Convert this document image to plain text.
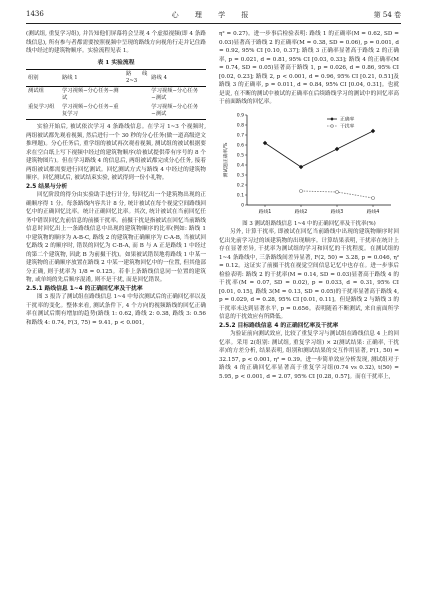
1436	心 理 学 报	第 54 卷

(测试组, 重复学习组), 并告知他们屏幕将会呈现 4 个虚拟视频(即 4 条路线信息), 所有参与者都需要按照视频中呈现的路线方向视角行走并记住路线中经过的建筑物顺序。实验流程见表 1。

表 1 实验流程
组别	路线 1	路线 2~3	路线 4
测试组	学习视频−分心任务−测试		学习视频−分心任务−测试
重复学习组	学习视频−分心任务−重复学习		学习视频−分心任务−测试

实验开始后, 被试依次学习 4 条路线信息。在学习 1~3 个视频时, 两组被试都先观看视频, 然后进行一个 30 秒的分心任务(做一道高级逆文推理题)。分心任务后, 重学组的被试再次观看视频, 测试组的被试根据要求在空白纸上写下视频中经过的建筑物顺序(给被试提供带有序号的 8 个建筑物图片)。但在学习路线 4 的信息后, 两组被试都完成分心任务, 接着两组被试都需要进行回忆测试。回忆测试方式与路线 4 中经过的建筑物顺序。回忆测试后, 被试结束实验, 被试得到一份小礼物。

2.5 结果与分析

回忆阶段的得分由实验助手进行计分, 每回忆出一个建筑物出现的正确顺序得 1 分。每条路线内容共计 8 分, 统计被试在每个视觉空间路线回忆中的正确回忆比率。统计正确回忆比率。其次, 统计被试在当前回忆任务中错误回忆先前信息的前摄干扰率。前摄干扰是指被试在回忆当前路线信息时回忆出上一条路线信息中出现的建筑物顺序的比率(例如: 路线 1 中建筑物的顺序为 A-B-C, 路线 2 的建筑物正确顺序为 C-A-B, 当被试回忆路线 2 的顺序时, 错误的回忆为 C-B-A, 而 B 与 A 正是路线 1 中经过的第二个建筑物, 因此 B 为前摄干扰)。如果被试错误地将路线 1 中某一建筑物的正确顺序放置在路线 2 中某一建筑物回忆中的一位置, 但其他部分正确, 则于扰率为 1/8 = 0.125。若非上条路线信息同一位置的建筑物, 或单纯的先后顺序混淆, 则不是干扰, 而是回忆错误。

2.5.1 路线信息 1~4 的正确回忆率及干扰率

图 3 报告了测试组在路线信息 1~4 中每次测试后的正确回忆率以及干扰率的变化。整体来看, 测试条件下, 4 个方向的视频路线的回忆正确率在测试后期有增加的趋势(路线 1: 0.62, 路线 2: 0.38, 路线 3: 0.56 和路线 4: 0.74, F(3, 75) = 9.41, p < 0.001,

η² = 0.27)。进一步事后检验表明: 路线 1 的正确率(M = 0.62, SD = 0.03)显著高于路线 2 的正确率(M = 0.38, SD = 0.06), p = 0.001, d = 0.92, 95% CI [0.10, 0.37]; 路线 3 正确率显著高于路线 2 的正确率, p = 0.021, d = 0.81, 95% CI [0.03, 0.33]; 路线 4 的正确率(M = 0.74, SD = 0.05)显著高于路线 1, p = 0.026, d = 0.86, 95% CI [0.02, 0.23]; 路线 2, p < 0.001, d = 0.96, 95% CI [0.21, 0.51]及路线 3 的正确率, p = 0.011, d = 0.84, 95% CI [0.04, 0.31]。也就是说, 在不断的测试中被试的正确率在后续路线学习的测试中的回忆率高于前面路线的回忆率。

0
0.1
0.2
0.3
0.4
0.5
0.6
0.7
0.8
0.9
测试题正确率/%
路线1	路线2	路线3	路线4
正确率
干扰率

图 3 测试组路线信息 1~4 中的正确回忆率及干扰率(%)

另外, 计算干扰率, 即被试在回忆当前路线中出现的建筑物顺序时回忆出先前学习过的该建筑物的出现顺序。计算结果表明, 干扰率在统计上存在显著差异, 干扰率为测试组的学习和回忆的干扰程度。在测试组的 1~4 条路线中, 三条路线间差异显著, F(2, 50) = 3.28, p = 0.046, η² = 0.12。这证实了前摄干扰在视觉空间信息记忆中也存在。进一步事后检验表明: 路线 2 的干扰率(M = 0.14, SD = 0.03)显著高于路线 4 的干扰率(M = 0.07, SD = 0.02), p = 0.033, d = 0.31, 95% CI [0.01, 0.15], 路线 3(M = 0.13, SD = 0.05)的干扰率显著高于路线 4, p = 0.029, d = 0.28, 95% CI [0.01, 0.11]。但是路线 2 与路线 3 的干扰率未达到显著水平, p = 0.656。表明随着不断测试, 来自前面所学信息的干扰效应有所降低。

2.5.2 目标路线信息 4 的正确回忆率及干扰率

为验证前向测试效应, 比较了重复学习与测试组在路线信息 4 上的回忆率。采用 2(组别: 测试组, 重复学习组) × 2(测试结果: 正确率, 干扰率)的方差分析, 结果表明, 组别和测试结果的交互作用显著, F(1, 50) = 32.157, p < 0.001, η² = 0.39。进一步简单效应分析发现, 测试组对于路线 4 的正确回忆率显著高于重复学习组(0.74 vs 0.32), t(50) = 5.95, p < 0.001, d = 2.07, 95% CI [0.28, 0.57]。而在干扰率上,
